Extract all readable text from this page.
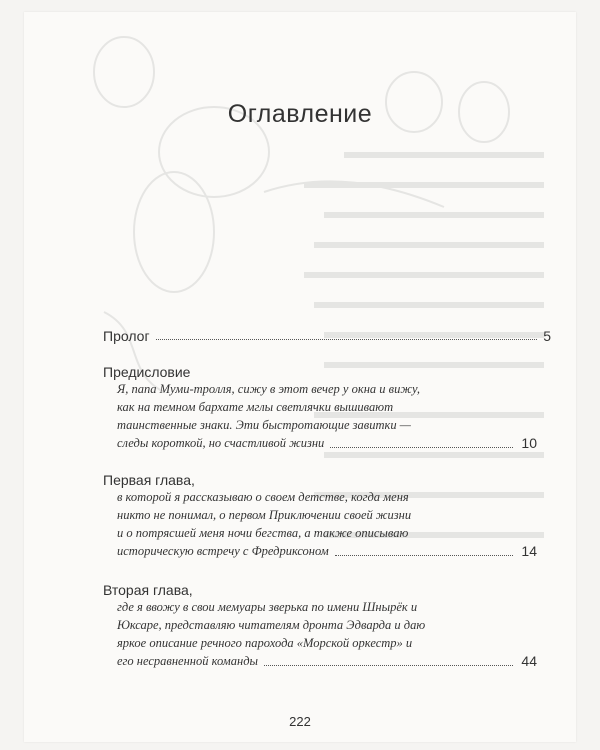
Оглавление
Пролог	5
Предисловие
Я, папа Муми-тролля, сижу в этот вечер у окна и вижу,
как на темном бархате мглы светлячки вышивают
таинственные знаки. Эти быстротающие завитки —
следы короткой, но счастливой жизни	10
Первая глава,
в которой я рассказываю о своем детстве, когда меня
никто не понимал, о первом Приключении своей жизни
и о потрясшей меня ночи бегства, а также описываю
историческую встречу с Фредриксоном	14
Вторая глава,
где я ввожу в свои мемуары зверька по имени Шнырёк и
Юксаре, представляю читателям дронта Эдварда и даю
яркое описание речного парохода «Морской оркестр» и
его несравненной команды	44
222
